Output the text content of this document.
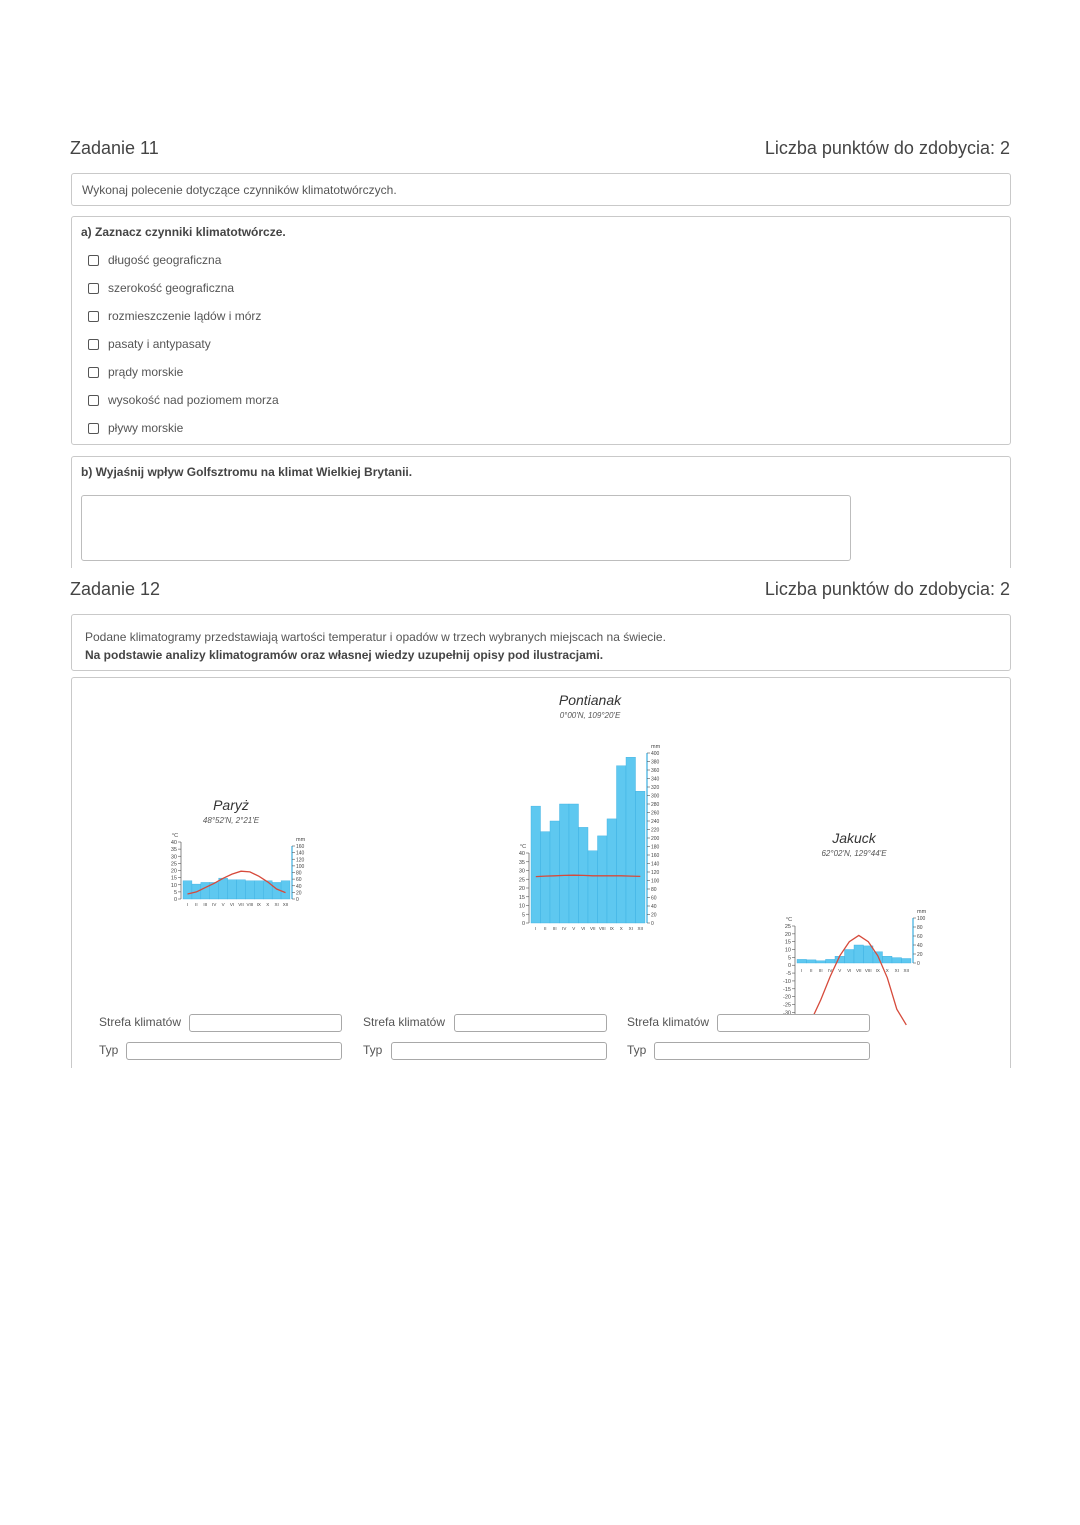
Zadanie 11	Liczba punktów do zdobycia: 2
Wykonaj polecenie dotyczące czynników klimatotwórczych.
a) Zaznacz czynniki klimatotwórcze.
długość geograficzna
szerokość geograficzna
rozmieszczenie lądów i mórz
pasaty i antypasaty
prądy morskie
wysokość nad poziomem morza
pływy morskie
b) Wyjaśnij wpływ Golfsztromu na klimat Wielkiej Brytanii.
Zadanie 12	Liczba punktów do zdobycia: 2
Podane klimatogramy przedstawiają wartości temperatur i opadów w trzech wybranych miejscach na świecie.
Na podstawie analizy klimatogramów oraz własnej wiedzy uzupełnij opisy pod ilustracjami.
Paryż
48°52'N, 2°21'E
0
5
10
15
20
25
30
35
40
°C
0
20
40
60
80
100
120
140
160
mm
I II III IV V VI VII VIII IX X XI XII
Pontianak
0°00'N, 109°20'E
0
5
10
15
20
25
30
35
40
°C
0
20
40
60
80
100
120
140
160
180
200
220
240
260
280
300
320
340
360
380
400
mm
I II III IV V VI VII VIII IX X XI XII
Jakuck
62°02'N, 129°44'E
-25
-20
-15
-10
-5
0
5
10
15
20
25
°C
0
20
40
60
80
100
mm
I II III IV V VI VII VIII IX X XI XII
Strefa klimatów
Typ
Strefa klimatów
Typ
Strefa klimatów
Typ
